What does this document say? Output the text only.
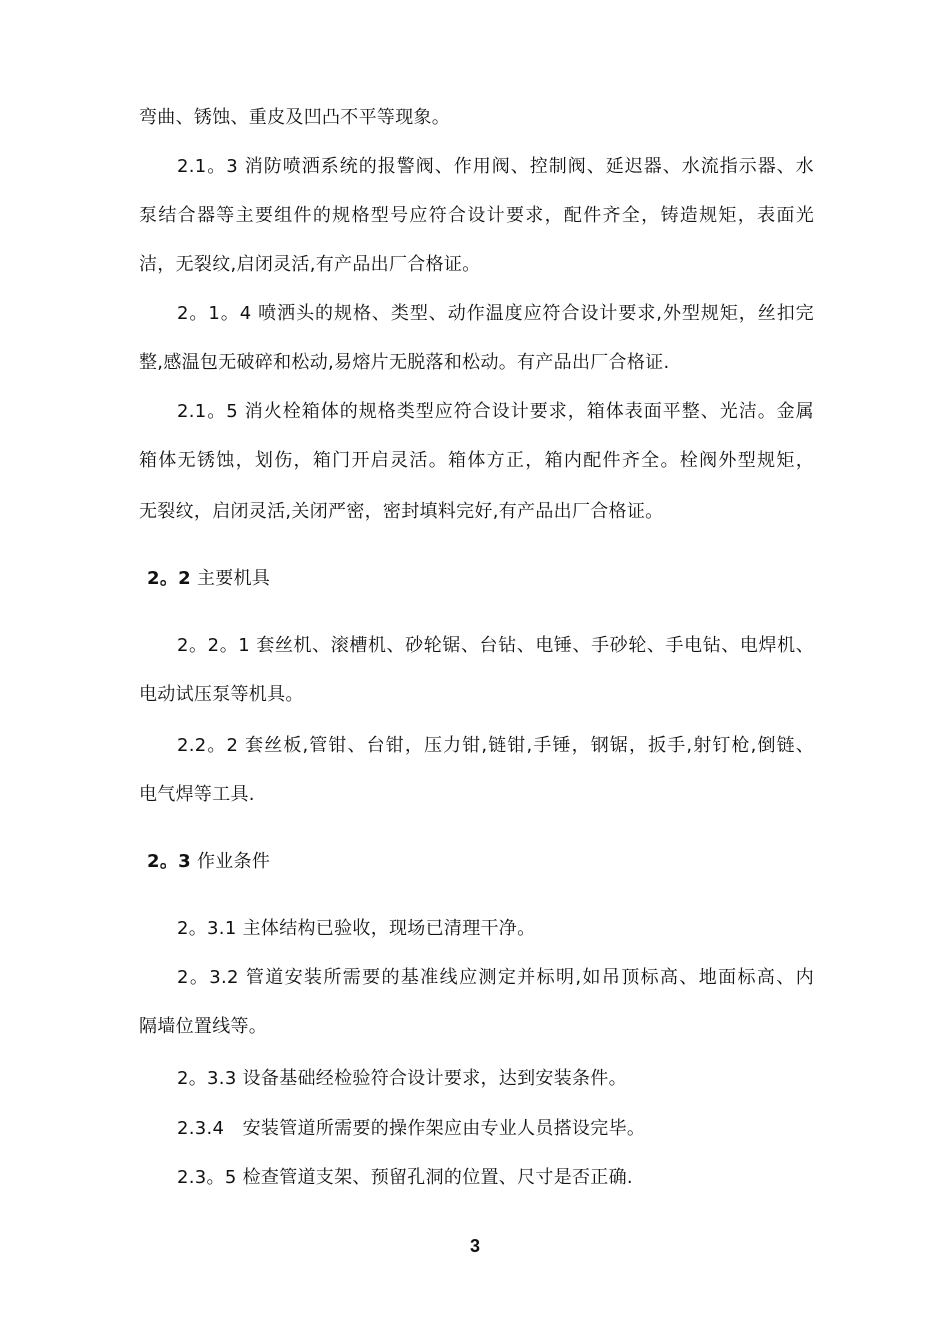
弯曲、锈蚀、重皮及凹凸不平等现象。
2.1。3 消防喷洒系统的报警阀、作用阀、控制阀、延迟器、水流指示器、水
泵结合器等主要组件的规格型号应符合设计要求，配件齐全，铸造规矩，表面光
洁，无裂纹,启闭灵活,有产品出厂合格证。
2。1。4 喷洒头的规格、类型、动作温度应符合设计要求,外型规矩，丝扣完
整,感温包无破碎和松动,易熔片无脱落和松动。有产品出厂合格证.
2.1。5 消火栓箱体的规格类型应符合设计要求，箱体表面平整、光洁。金属
箱体无锈蚀，划伤，箱门开启灵活。箱体方正，箱内配件齐全。栓阀外型规矩，
无裂纹，启闭灵活,关闭严密，密封填料完好,有产品出厂合格证。
2。2 主要机具
2。2。1 套丝机、滚槽机、砂轮锯、台钻、电锤、手砂轮、手电钻、电焊机、
电动试压泵等机具。
2.2。2 套丝板,管钳、台钳，压力钳,链钳,手锤，钢锯，扳手,射钉枪,倒链、
电气焊等工具.
2。3 作业条件
2。3.1 主体结构已验收，现场已清理干净。
2。3.2 管道安装所需要的基准线应测定并标明,如吊顶标高、地面标高、内
隔墙位置线等。
2。3.3 设备基础经检验符合设计要求，达到安装条件。
2.3.4　安装管道所需要的操作架应由专业人员搭设完毕。
2.3。5 检查管道支架、预留孔洞的位置、尺寸是否正确.
3
